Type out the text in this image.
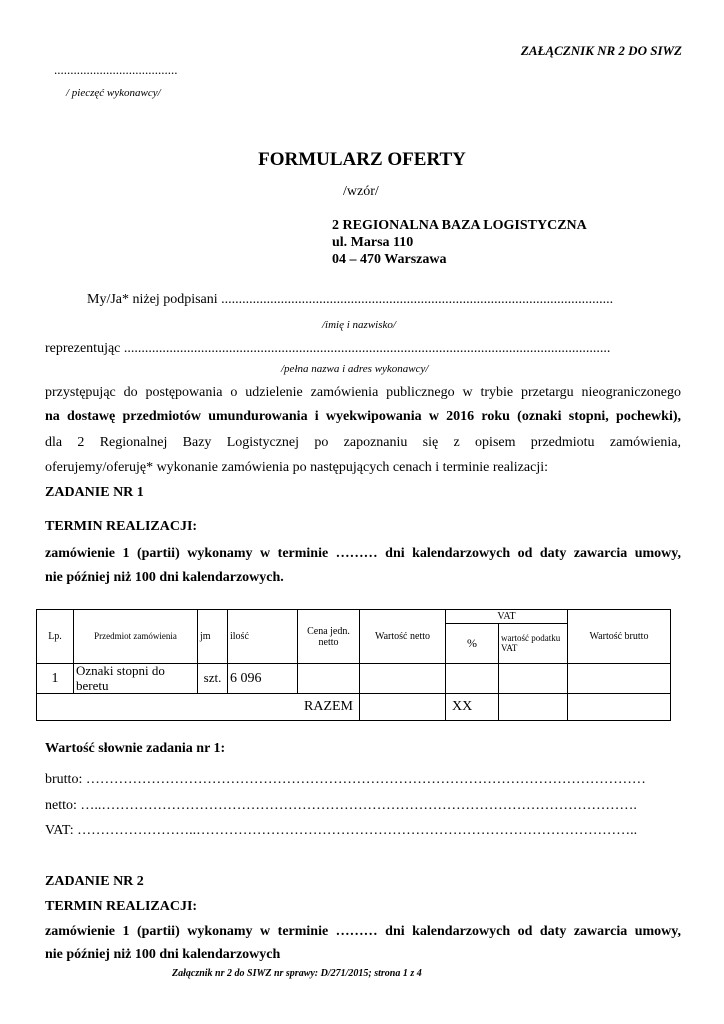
ZAŁĄCZNIK NR 2 DO SIWZ
......................................
/ pieczęć wykonawcy/
FORMULARZ OFERTY
/wzór/
2 REGIONALNA BAZA LOGISTYCZNA
ul. Marsa 110
04 – 470 Warszawa
My/Ja* niżej podpisani ................................................................................................................
/imię i nazwisko/
reprezentując ...........................................................................................................................................
/pełna nazwa i adres wykonawcy/
przystępując do postępowania o udzielenie zamówienia publicznego w trybie przetargu nieograniczonego
na dostawę przedmiotów umundurowania i wyekwipowania w 2016 roku (oznaki stopni, pochewki),
dla 2 Regionalnej Bazy Logistycznej po zapoznaniu się z opisem przedmiotu zamówienia,
oferujemy/oferuję* wykonanie zamówienia po następujących cenach i terminie realizacji:
ZADANIE NR 1
TERMIN REALIZACJI:
zamówienie 1 (partii) wykonamy w terminie ……… dni kalendarzowych od daty zawarcia umowy,
nie później niż 100 dni kalendarzowych.
Lp.	Przedmiot zamówienia	jm	ilość	Cena jedn. netto	Wartość netto	VAT		Wartość brutto
						%	wartość podatku VAT	
1	Oznaki stopni do beretu	szt.	6 096					
RAZEM						XX		
Wartość słownie zadania nr 1:
brutto: …………………………………………………………………………………………………………
netto: …..…………………………………………………………………………………………………….
VAT: ……………………..…………………………………………………………………………………..
ZADANIE NR 2
TERMIN REALIZACJI:
zamówienie 1 (partii) wykonamy w terminie ……… dni kalendarzowych od daty zawarcia umowy,
nie później niż 100 dni kalendarzowych
Załącznik nr 2 do SIWZ nr sprawy: D/271/2015; strona 1 z 4
